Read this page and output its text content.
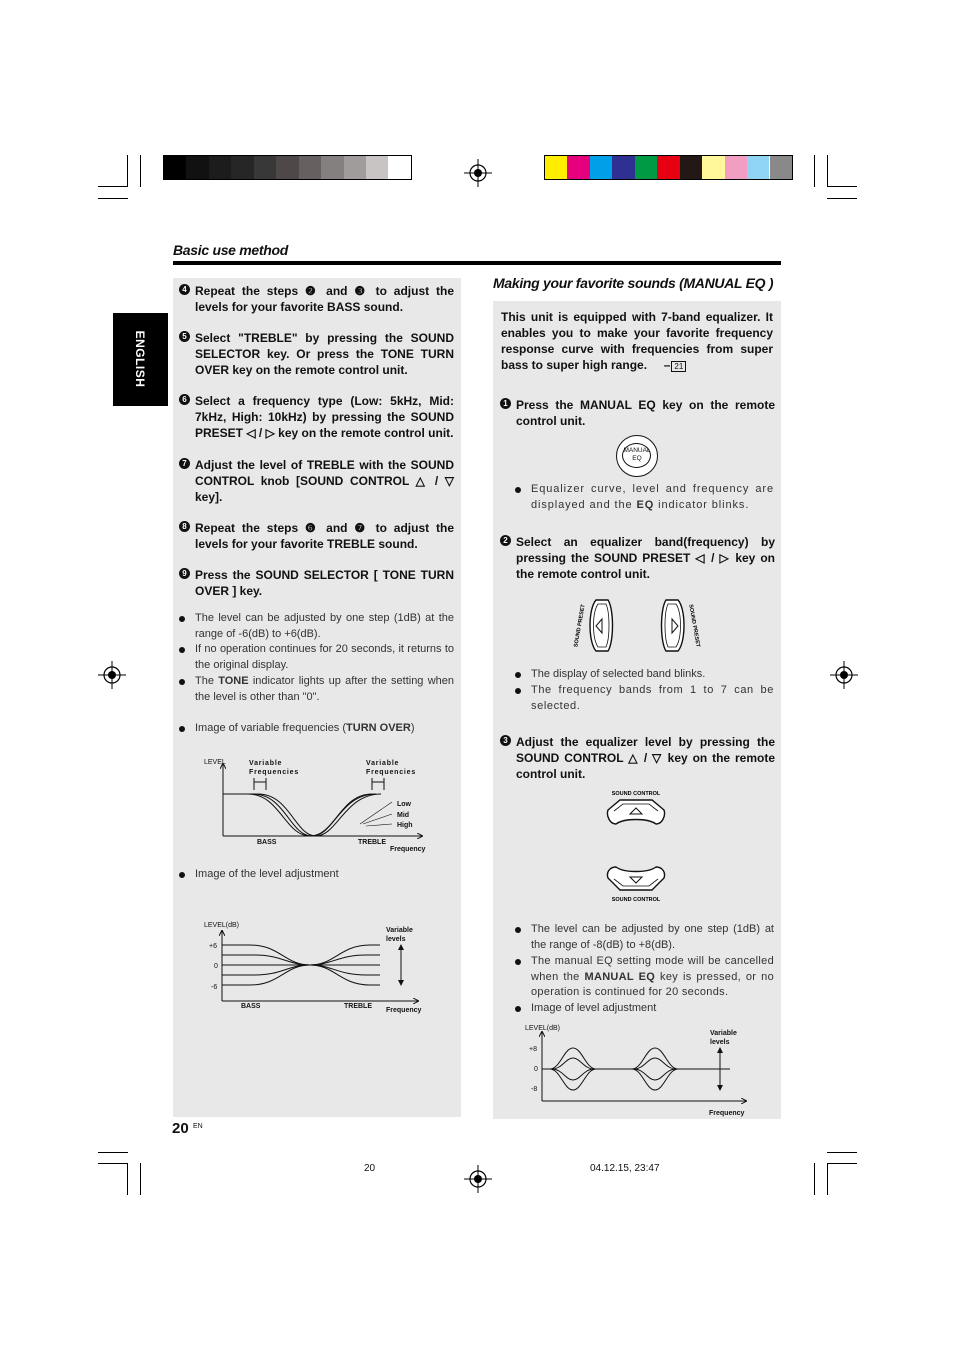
Basic use method
ENGLISH
4 Repeat the steps ❷ and ❸ to adjust the levels for your favorite BASS sound.
5 Select "TREBLE" by pressing the SOUND SELECTOR key. Or press the TONE TURN OVER key on the remote control unit.
6 Select a frequency type (Low: 5kHz, Mid: 7kHz, High: 10kHz) by pressing the SOUND PRESET ◁ / ▷ key on the remote control unit.
7 Adjust the level of TREBLE with the SOUND CONTROL knob [SOUND CONTROL △ / ▽ key].
8 Repeat the steps ❻ and ❼ to adjust the levels for your favorite TREBLE sound.
9 Press the SOUND SELECTOR [ TONE TURN OVER ] key.
The level can be adjusted by one step (1dB) at the range of -6(dB) to +6(dB).
If no operation continues for 20 seconds, it returns to the original display.
The TONE indicator lights up after the setting when the level is other than "0".
Image of variable frequencies (TURN OVER)
LEVEL	Variable
Frequencies
Variable
Frequencies
Low
Mid
High
BASS	TREBLE
Frequency
Image of the level adjustment
LEVEL(dB)
+6
0
-6
Variable
levels
BASS	TREBLE
Frequency
20 EN
Making your favorite sounds (MANUAL EQ )
This unit is equipped with 7-band equalizer. It enables you to make your favorite frequency response curve with frequencies from super bass to super high range. – 21
1 Press the MANUAL EQ key on the remote control unit.
MANUAL
EQ
Equalizer curve, level and frequency are displayed and the EQ indicator blinks.
2 Select an equalizer band(frequency) by pressing the SOUND PRESET ◁ / ▷ key on the remote control unit.
SOUND PRESET	SOUND PRESET
The display of selected band blinks.
The frequency bands from 1 to 7 can be selected.
3 Adjust the equalizer level by pressing the SOUND CONTROL △ / ▽ key on the remote control unit.
SOUND CONTROL
SOUND CONTROL
The level can be adjusted by one step (1dB) at the range of -8(dB) to +8(dB).
The manual EQ setting mode will be cancelled when the MANUAL EQ key is pressed, or no operation is continued for 20 seconds.
Image of level adjustment
LEVEL(dB)
+8
0
-8
Variable
levels
Frequency
20	04.12.15, 23:47
